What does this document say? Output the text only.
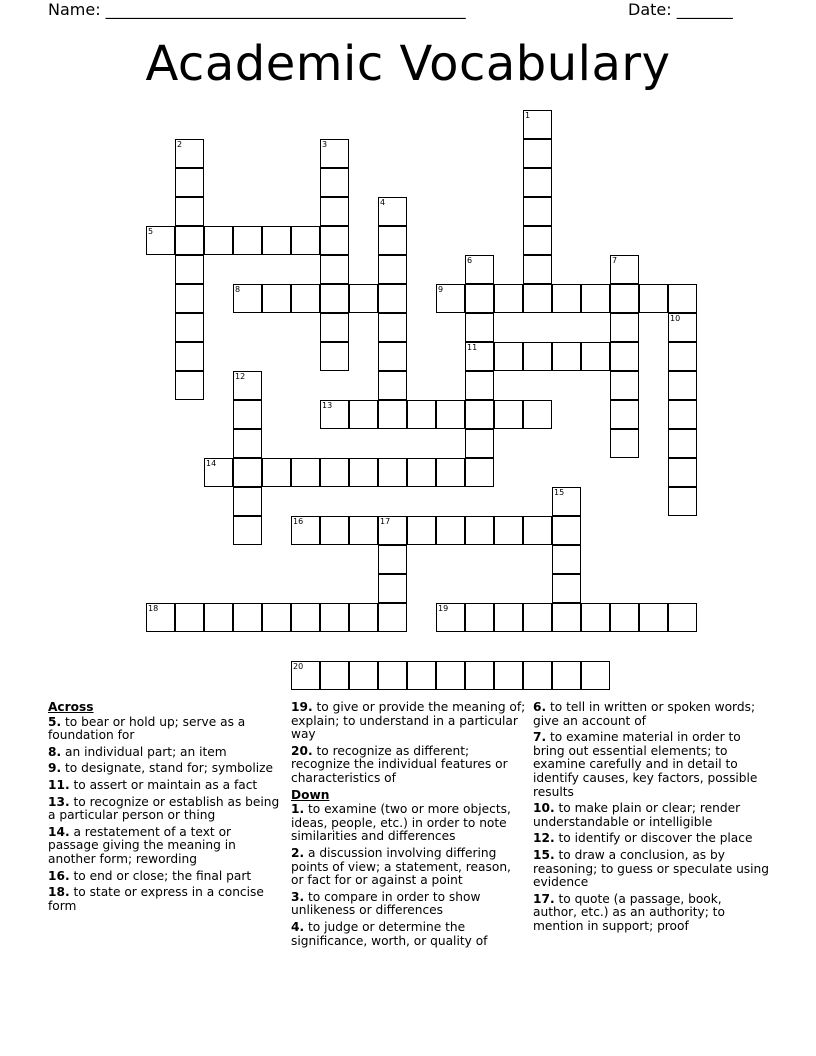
Name: _____________________________________________	Date: _______
Academic Vocabulary
1
2	3
4
5
6
11
7
8	9
10
12
13
14
15
16	17
18	19
20
Across
5. to bear or hold up; serve as a foundation for
8. an individual part; an item
9. to designate, stand for; symbolize
11. to assert or maintain as a fact
13. to recognize or establish as being a particular person or thing
14. a restatement of a text or passage giving the meaning in another form; rewording
16. to end or close; the final part
18. to state or express in a concise form
19. to give or provide the meaning of; explain; to understand in a particular way
20. to recognize as different; recognize the individual features or characteristics of
Down
1. to examine (two or more objects, ideas, people, etc.) in order to note similarities and differences
2. a discussion involving differing points of view; a statement, reason, or fact for or against a point
3. to compare in order to show unlikeness or differences
4. to judge or determine the significance, worth, or quality of
6. to tell in written or spoken words; give an account of
7. to examine material in order to bring out essential elements; to examine carefully and in detail to identify causes, key factors, possible results
10. to make plain or clear; render understandable or intelligible
12. to identify or discover the place
15. to draw a conclusion, as by reasoning; to guess or speculate using evidence
17. to quote (a passage, book, author, etc.) as an authority; to mention in support; proof
